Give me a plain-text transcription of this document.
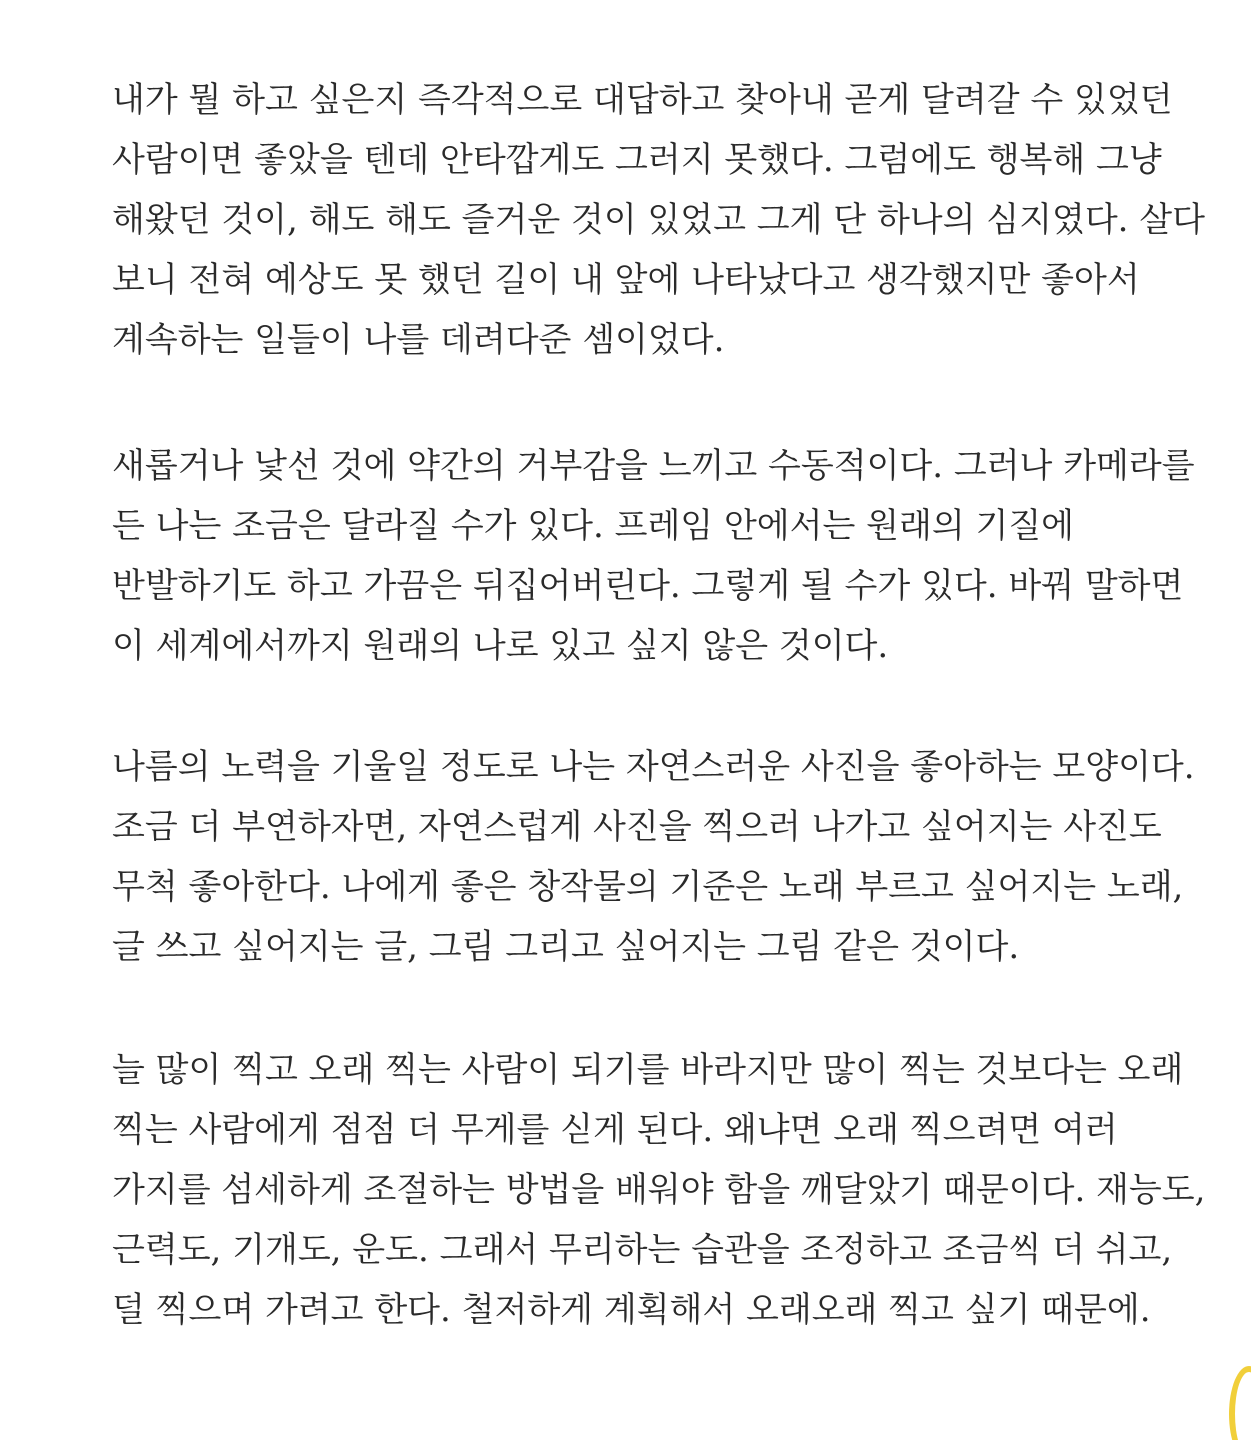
내가 뭘 하고 싶은지 즉각적으로 대답하고 찾아내 곧게 달려갈 수 있었던
사람이면 좋았을 텐데 안타깝게도 그러지 못했다. 그럼에도 행복해 그냥
해왔던 것이, 해도 해도 즐거운 것이 있었고 그게 단 하나의 심지였다. 살다
보니 전혀 예상도 못 했던 길이 내 앞에 나타났다고 생각했지만 좋아서
계속하는 일들이 나를 데려다준 셈이었다.
새롭거나 낯선 것에 약간의 거부감을 느끼고 수동적이다. 그러나 카메라를
든 나는 조금은 달라질 수가 있다. 프레임 안에서는 원래의 기질에
반발하기도 하고 가끔은 뒤집어버린다. 그렇게 될 수가 있다. 바꿔 말하면
이 세계에서까지 원래의 나로 있고 싶지 않은 것이다.
나름의 노력을 기울일 정도로 나는 자연스러운 사진을 좋아하는 모양이다.
조금 더 부연하자면, 자연스럽게 사진을 찍으러 나가고 싶어지는 사진도
무척 좋아한다. 나에게 좋은 창작물의 기준은 노래 부르고 싶어지는 노래,
글 쓰고 싶어지는 글, 그림 그리고 싶어지는 그림 같은 것이다.
늘 많이 찍고 오래 찍는 사람이 되기를 바라지만 많이 찍는 것보다는 오래
찍는 사람에게 점점 더 무게를 싣게 된다. 왜냐면 오래 찍으려면 여러
가지를 섬세하게 조절하는 방법을 배워야 함을 깨달았기 때문이다. 재능도,
근력도, 기개도, 운도. 그래서 무리하는 습관을 조정하고 조금씩 더 쉬고,
덜 찍으며 가려고 한다. 철저하게 계획해서 오래오래 찍고 싶기 때문에.
